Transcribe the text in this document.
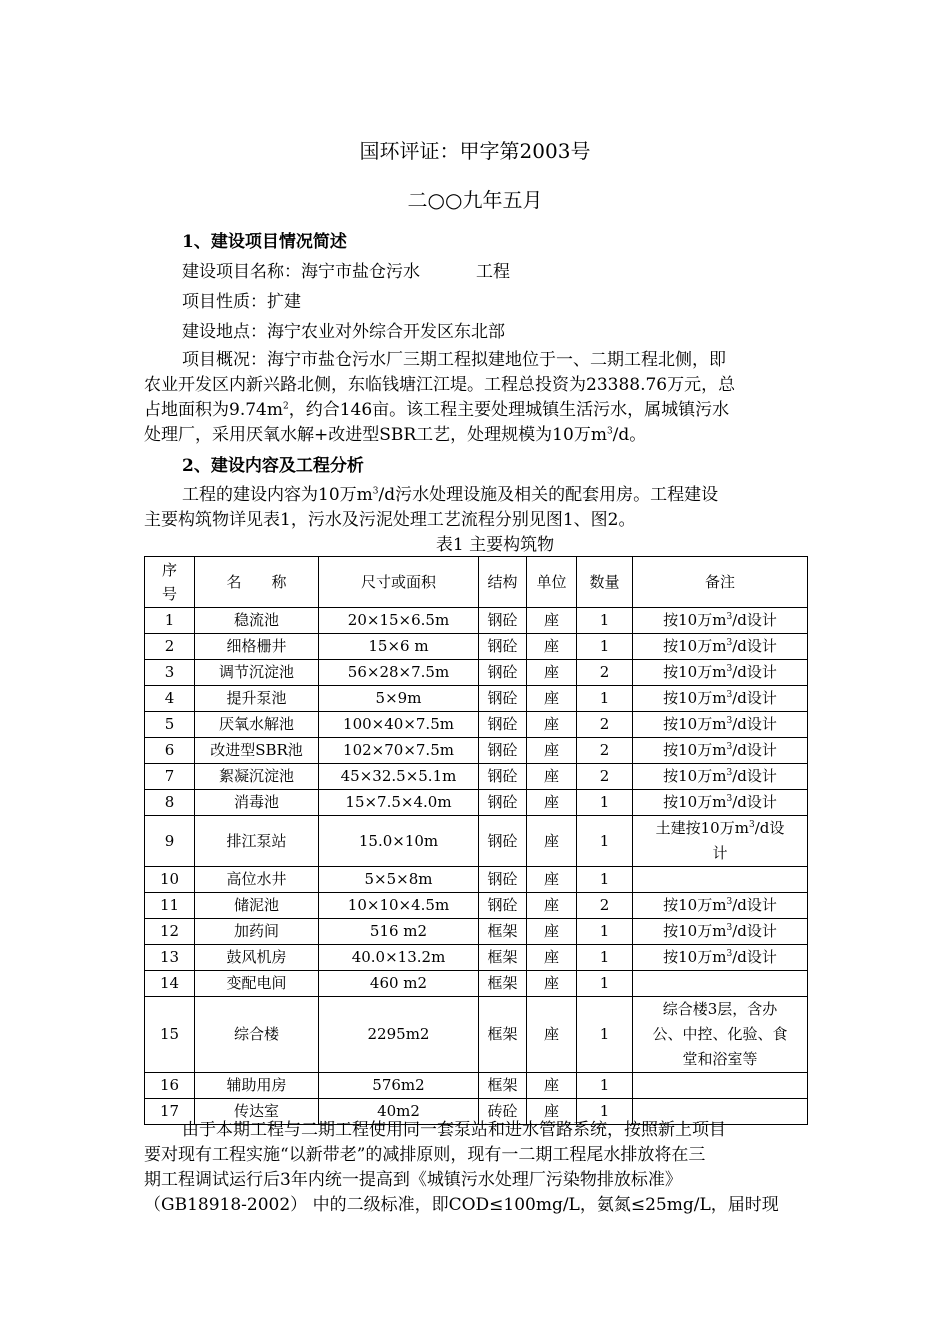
国环评证：甲字第2003号
二○○九年五月
1、建设项目情况简述
建设项目名称：海宁市盐仓污水	工程
项目性质：扩建
建设地点：海宁农业对外综合开发区东北部
项目概况：海宁市盐仓污水厂三期工程拟建地位于一、二期工程北侧，即
农业开发区内新兴路北侧，东临钱塘江江堤。工程总投资为23388.76万元，总
占地面积为$9.74m^2$，约合146亩。该工程主要处理城镇生活污水，属城镇污水
处理厂，采用厌氧水解+改进型SBR工艺，处理规模为10万$m^3/d$。
2、建设内容及工程分析
工程的建设内容为10万$m^3/d$污水处理设施及相关的配套用房。工程建设
主要构筑物详见表1，污水及污泥处理工艺流程分别见图1、图2。
表1 主要构筑物
序号	名　　称	尺寸或面积	结构	单位	数量	备注
1	稳流池	20×15×6.5m	钢砼	座	1	按10万$m^3/d$设计

2	细格栅井	15×6 m	钢砼	座	1	按10万$m^3/d$设计

3	调节沉淀池	56×28×7.5m	钢砼	座	2	按10万$m^3/d$设计

4	提升泵池	5×9m	钢砼	座	1	按10万$m^3/d$设计

5	厌氧水解池	100×40×7.5m	钢砼	座	2	按10万$m^3/d$设计

6	改进型SBR池	102×70×7.5m	钢砼	座	2	按10万$m^3/d$设计

7	絮凝沉淀池	45×32.5×5.1m	钢砼	座	2	按10万$m^3/d$设计

8	消毒池	15×7.5×4.0m	钢砼	座	1	按10万$m^3/d$设计

9	排江泵站	15.0×10m	钢砼	座	1	土建按10万$m^3/d$设
计

10	高位水井	5×5×8m	钢砼	座	1	
11	储泥池	10×10×4.5m	钢砼	座	2	按10万$m^3/d$设计

12	加药间	516 m2	框架	座	1	按10万$m^3/d$设计

13	鼓风机房	40.0×13.2m	框架	座	1	按10万$m^3/d$设计

14	变配电间	460 m2	框架	座	1	
15	综合楼	2295m2	框架	座	1	综合楼3层，含办
公、中控、化验、食
堂和浴室等

16	辅助用房	576m2	框架	座	1	
17	传达室	40m2	砖砼	座	1	
由于本期工程与二期工程使用同一套泵站和进水管路系统，按照新上项目
要对现有工程实施“以新带老”的减排原则，现有一二期工程尾水排放将在三
期工程调试运行后3年内统一提高到《城镇污水处理厂污染物排放标准》
（GB18918-2002） 中的二级标准，即COD≤100mg/L，氨氮≤25mg/L，届时现
